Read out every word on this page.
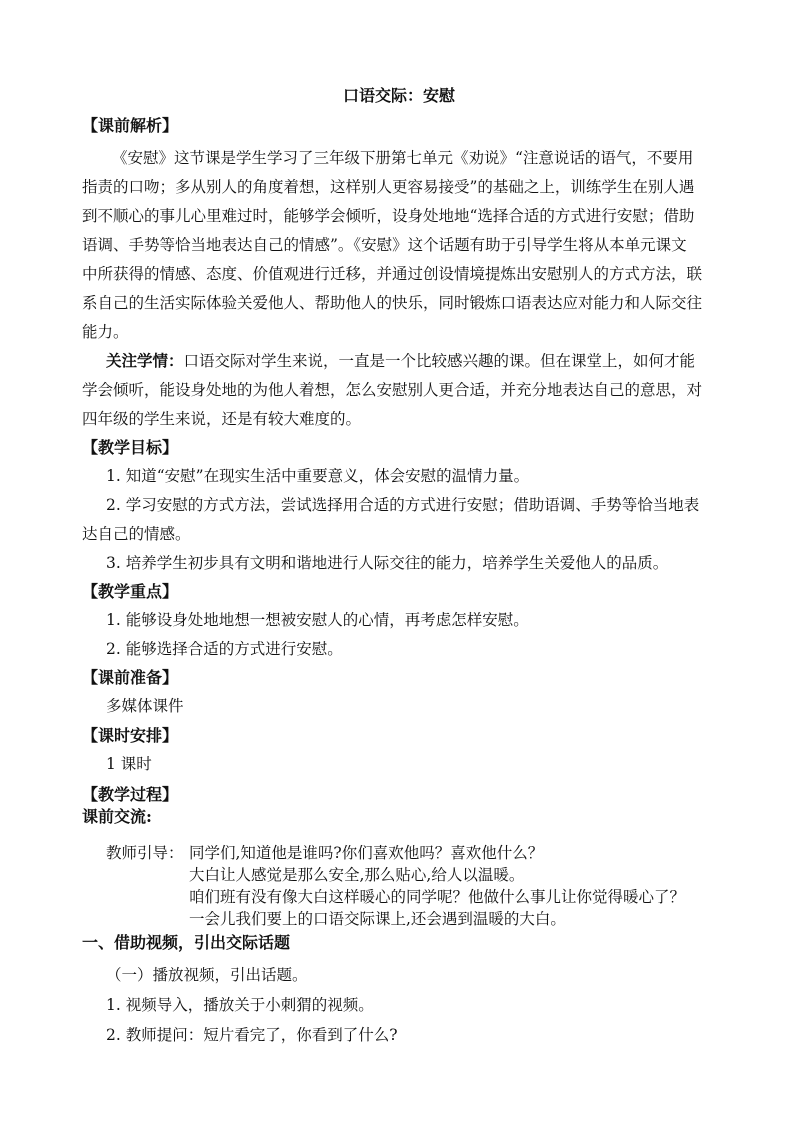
口语交际：安慰
【课前解析】
《安慰》这节课是学生学习了三年级下册第七单元《劝说》“注意说话的语气，不要用
指责的口吻；多从别人的角度着想，这样别人更容易接受”的基础之上，训练学生在别人遇
到不顺心的事儿心里难过时，能够学会倾听，设身处地地“选择合适的方式进行安慰；借助
语调、手势等恰当地表达自己的情感”。《安慰》这个话题有助于引导学生将从本单元课文
中所获得的情感、态度、价值观进行迁移，并通过创设情境提炼出安慰别人的方式方法，联
系自己的生活实际体验关爱他人、帮助他人的快乐，同时锻炼口语表达应对能力和人际交往
能力。
关注学情：口语交际对学生来说，一直是一个比较感兴趣的课。但在课堂上，如何才能
学会倾听，能设身处地的为他人着想，怎么安慰别人更合适，并充分地表达自己的意思，对
四年级的学生来说，还是有较大难度的。
【教学目标】
1. 知道“安慰”在现实生活中重要意义，体会安慰的温情力量。
2. 学习安慰的方式方法，尝试选择用合适的方式进行安慰；借助语调、手势等恰当地表
达自己的情感。
3. 培养学生初步具有文明和谐地进行人际交往的能力，培养学生关爱他人的品质。
【教学重点】
1. 能够设身处地地想一想被安慰人的心情，再考虑怎样安慰。
2. 能够选择合适的方式进行安慰。
【课前准备】
多媒体课件
【课时安排】
1 课时
【教学过程】
课前交流:
教师引导： 同学们,知道他是谁吗?你们喜欢他吗？喜欢他什么？
大白让人感觉是那么安全,那么贴心,给人以温暖。
咱们班有没有像大白这样暖心的同学呢？他做什么事儿让你觉得暖心了？
一会儿我们要上的口语交际课上,还会遇到温暖的大白。
一、借助视频，引出交际话题
（一）播放视频，引出话题。
1. 视频导入，播放关于小刺猬的视频。
2. 教师提问：短片看完了，你看到了什么?
